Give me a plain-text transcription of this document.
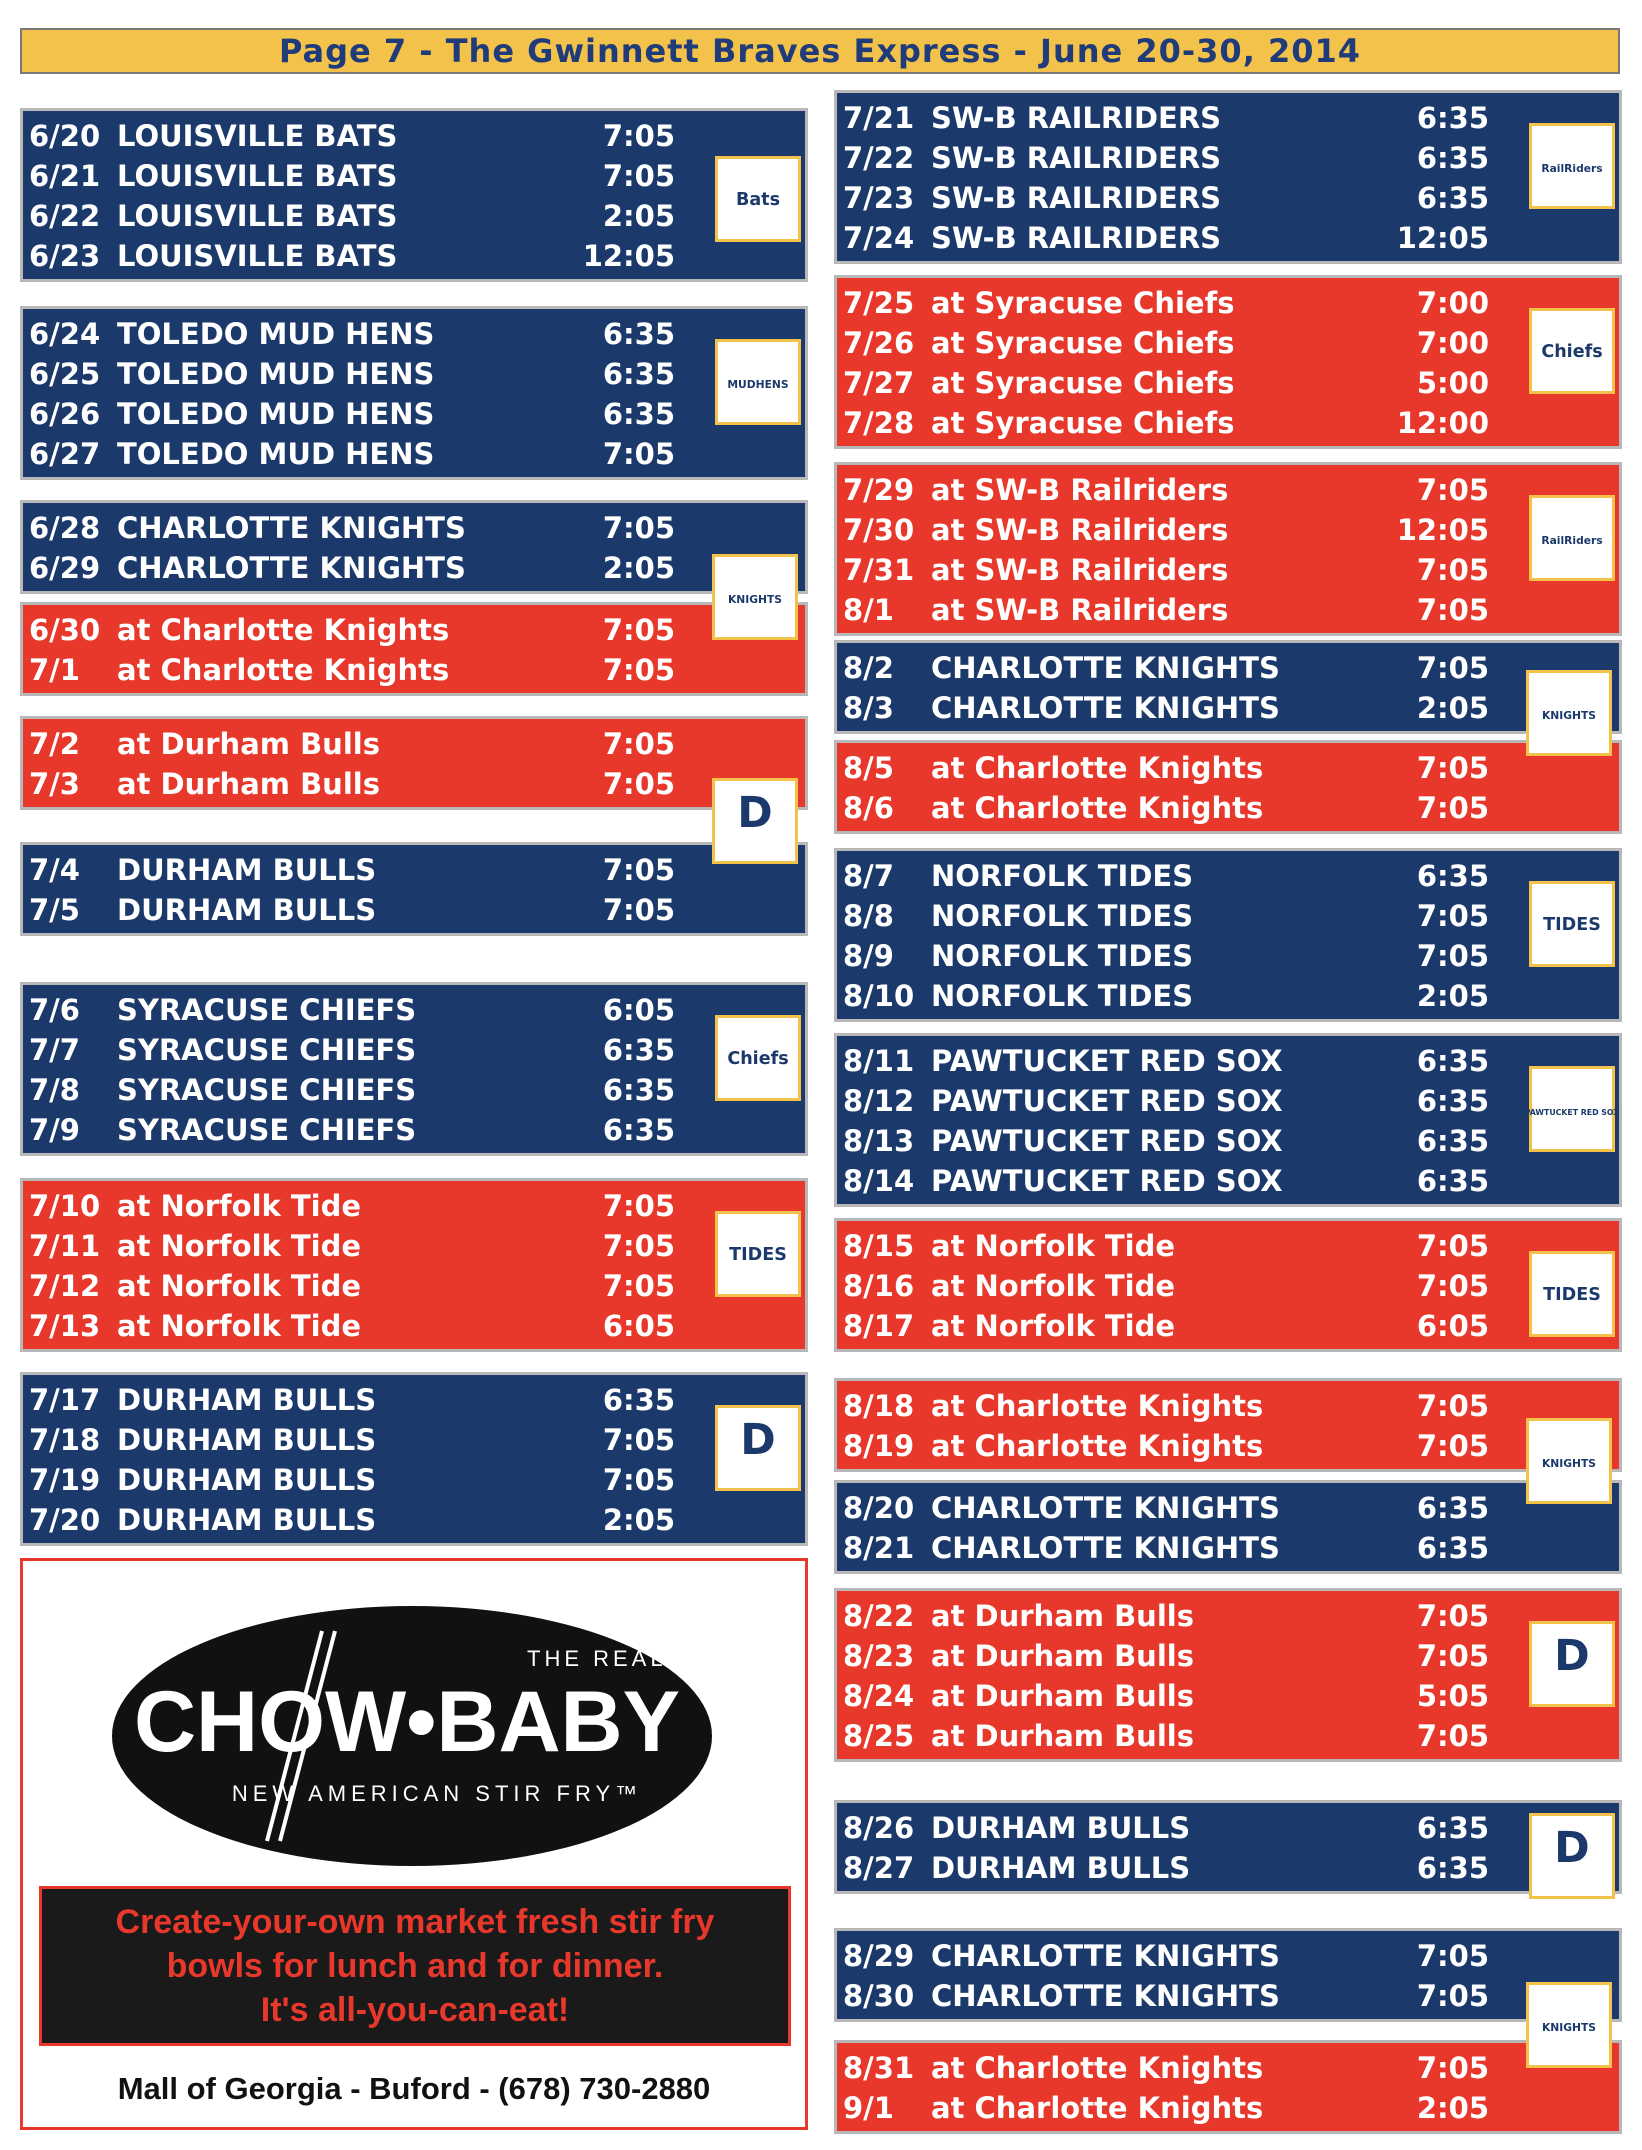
Page 7 - The Gwinnett Braves Express - June 20-30, 2014
6/20 LOUISVILLE BATS	7:05
6/21 LOUISVILLE BATS	7:05
6/22 LOUISVILLE BATS	2:05
6/23 LOUISVILLE BATS	12:05
Bats
6/24 TOLEDO MUD HENS	6:35
6/25 TOLEDO MUD HENS	6:35
6/26 TOLEDO MUD HENS	6:35
6/27 TOLEDO MUD HENS	7:05
MUDHENS
6/28 CHARLOTTE KNIGHTS	7:05
6/29 CHARLOTTE KNIGHTS	2:05
6/30 at Charlotte Knights	7:05
7/1	at Charlotte Knights	7:05
7/2	at Durham Bulls	7:05
7/3	at Durham Bulls	7:05
7/4	DURHAM BULLS	7:05
7/5	DURHAM BULLS	7:05
7/6	SYRACUSE CHIEFS	6:05
7/7	SYRACUSE CHIEFS	6:35
7/8	SYRACUSE CHIEFS	6:35
7/9	SYRACUSE CHIEFS	6:35
Chiefs
7/10 at Norfolk Tide	7:05
7/11 at Norfolk Tide	7:05
7/12 at Norfolk Tide	7:05
7/13 at Norfolk Tide	6:05
TIDES
7/17 DURHAM BULLS	6:35
7/18 DURHAM BULLS	7:05
7/19 DURHAM BULLS	7:05
7/20 DURHAM BULLS	2:05
D
7/21 SW-B RAILRIDERS	6:35
7/22 SW-B RAILRIDERS	6:35
7/23 SW-B RAILRIDERS	6:35
7/24 SW-B RAILRIDERS	12:05
RailRiders
7/25 at Syracuse Chiefs	7:00
7/26 at Syracuse Chiefs	7:00
7/27 at Syracuse Chiefs	5:00
7/28 at Syracuse Chiefs	12:00
Chiefs
7/29 at SW-B Railriders	7:05
7/30 at SW-B Railriders	12:05
7/31 at SW-B Railriders	7:05
8/1	at SW-B Railriders	7:05
RailRiders
8/2	CHARLOTTE KNIGHTS	7:05
8/3	CHARLOTTE KNIGHTS	2:05
8/5	at Charlotte Knights	7:05
8/6	at Charlotte Knights	7:05
8/7	NORFOLK TIDES	6:35
8/8	NORFOLK TIDES	7:05
8/9	NORFOLK TIDES	7:05
8/10 NORFOLK TIDES	2:05
TIDES
8/11 PAWTUCKET RED SOX	6:35
8/12 PAWTUCKET RED SOX	6:35
8/13 PAWTUCKET RED SOX	6:35
8/14 PAWTUCKET RED SOX	6:35
PAWTUCKET RED SOX
8/15 at Norfolk Tide	7:05
8/16 at Norfolk Tide	7:05
8/17 at Norfolk Tide	6:05
TIDES
8/18 at Charlotte Knights	7:05
8/19 at Charlotte Knights	7:05
8/20 CHARLOTTE KNIGHTS	6:35
8/21 CHARLOTTE KNIGHTS	6:35
8/22 at Durham Bulls	7:05
8/23 at Durham Bulls	7:05
8/24 at Durham Bulls	5:05
8/25 at Durham Bulls	7:05
D
8/26 DURHAM BULLS	6:35
8/27 DURHAM BULLS	6:35 D
8/29 CHARLOTTE KNIGHTS	7:05
8/30 CHARLOTTE KNIGHTS	7:05
8/31 at Charlotte Knights	7:05
9/1	at Charlotte Knights	2:05
KNIGHTS
D
KNIGHTS
KNIGHTS
KNIGHTS
THE REAL
CHOW•BABY
NEW AMERICAN STIR FRY™
Create-your-own market fresh stir fry
bowls for lunch and for dinner.
It's all-you-can-eat!
Mall of Georgia - Buford - (678) 730-2880
